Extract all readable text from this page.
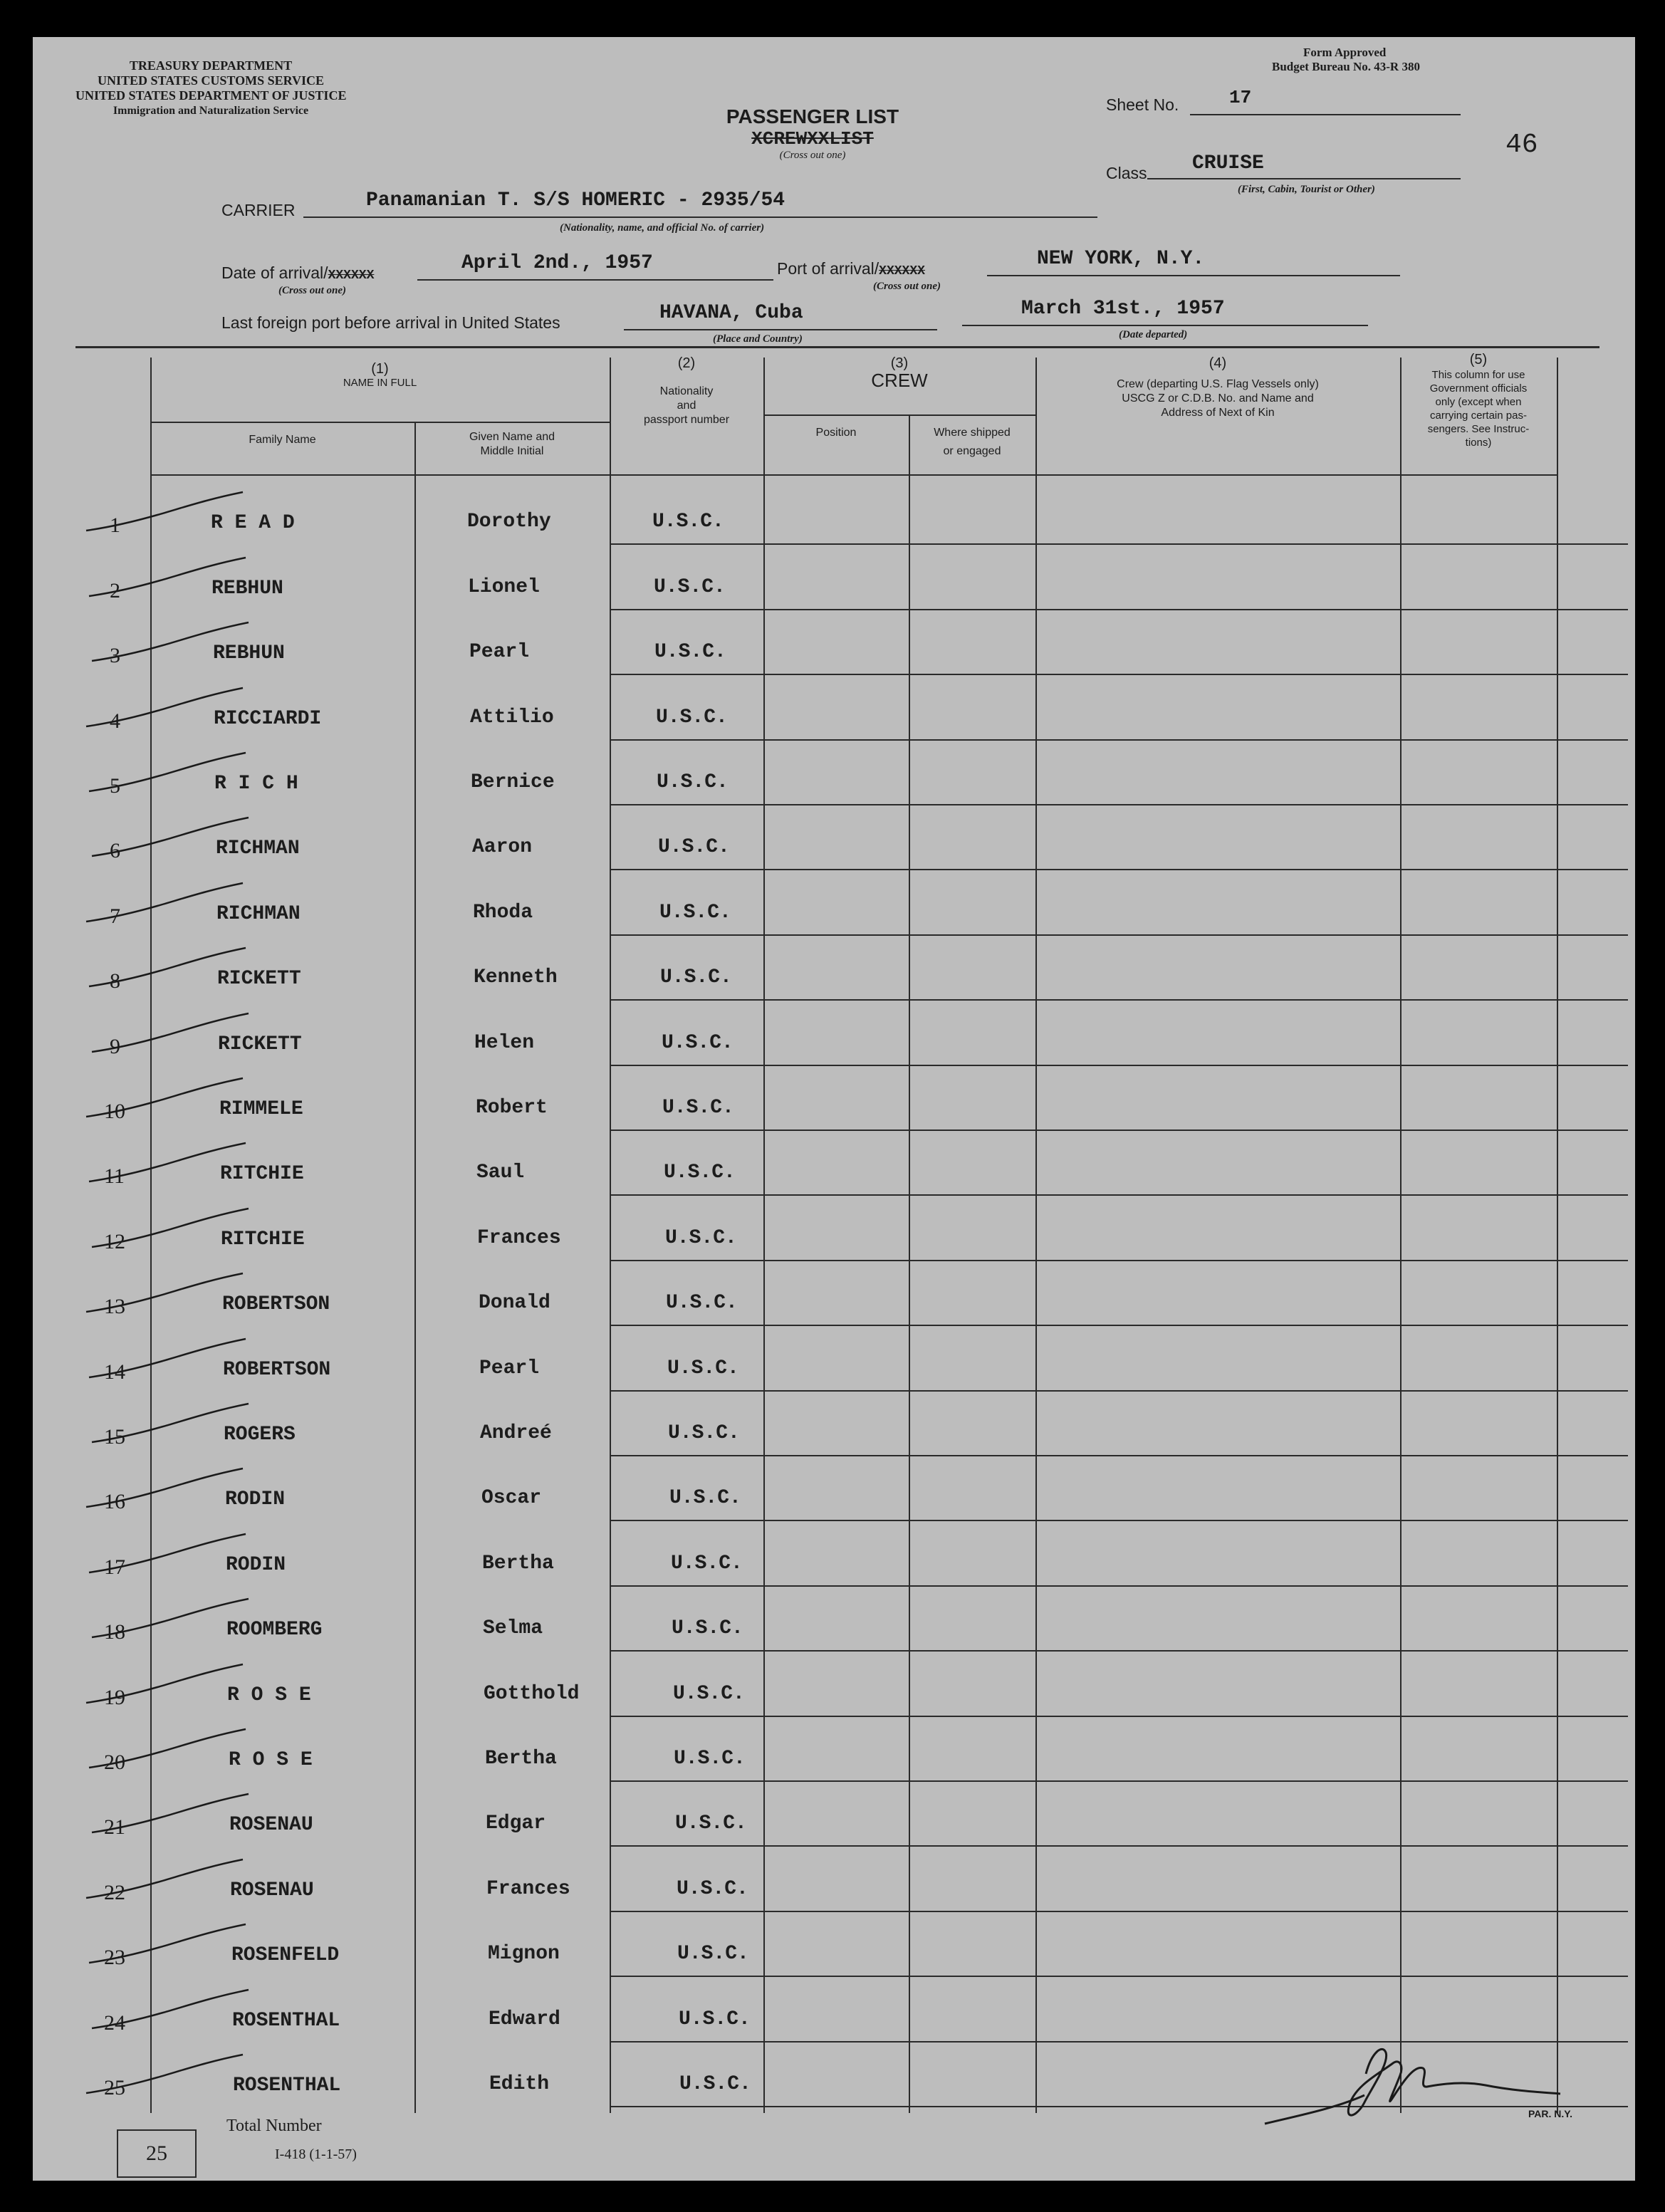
TREASURY DEPARTMENT
UNITED STATES CUSTOMS SERVICE
UNITED STATES DEPARTMENT OF JUSTICE
Immigration and Naturalization Service
Form Approved
Budget Bureau No. 43-R 380
PASSENGER LIST
XCREWXXLIST
(Cross out one)
Sheet No.	17
46
Class CRUISE
(First, Cabin, Tourist or Other)
CARRIER	Panamanian T. S/S HOMERIC - 2935/54
(Nationality, name, and official No. of carrier)
Date of arrival/XXXXXX
April 2nd., 1957
(Cross out one)
Port of arrival/XXXXXX
NEW YORK, N.Y.
(Cross out one)
Last foreign port before arrival in United States	HAVANA, Cuba
(Place and Country)
March 31st., 1957
(Date departed)
(1)
NAME IN FULL
Family Name	Given Name and
Middle Initial
(2)
Nationality
and
passport number
(3)
CREW
Position	Where shipped
or engaged
(4)
Crew (departing U.S. Flag Vessels only)
USCG Z or C.D.B. No. and Name and
Address of Next of Kin
(5)
This column for use
Government officials
only (except when
carrying certain pas-
sengers. See Instruc-
tions)
1	R E A D	Dorothy	U.S.C.
2	REBHUN	Lionel	U.S.C.
3	REBHUN	Pearl	U.S.C.
4	RICCIARDI	Attilio	U.S.C.
5	R I C H	Bernice	U.S.C.
6	RICHMAN	Aaron	U.S.C.
7	RICHMAN	Rhoda	U.S.C.
8	RICKETT	Kenneth	U.S.C.
9	RICKETT	Helen	U.S.C.
10	RIMMELE	Robert	U.S.C.
11	RITCHIE	Saul	U.S.C.
12	RITCHIE	Frances	U.S.C.
13	ROBERTSON	Donald	U.S.C.
14	ROBERTSON	Pearl	U.S.C.
15	ROGERS	Andreé	U.S.C.
16	RODIN	Oscar	U.S.C.
17	RODIN	Bertha	U.S.C.
18	ROOMBERG	Selma	U.S.C.
19	R O S E	Gotthold	U.S.C.
20	R O S E	Bertha	U.S.C.
21	ROSENAU	Edgar	U.S.C.
22	ROSENAU	Frances	U.S.C.
23	ROSENFELD	Mignon	U.S.C.
24	ROSENTHAL	Edward	U.S.C.
25	ROSENTHAL	Edith	U.S.C.
25
Total Number
I-418 (1-1-57)
PAR. N.Y.
